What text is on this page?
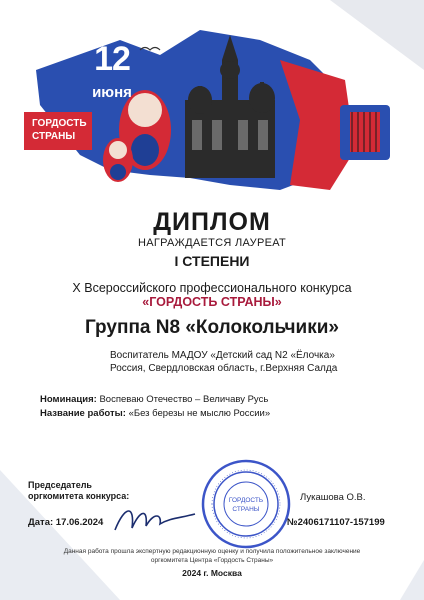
12
июня
ГОРДОСТЬ
СТРАНЫ
ДИПЛОМ
НАГРАЖДАЕТСЯ ЛАУРЕАТ
I СТЕПЕНИ
X Всероссийского профессионального конкурса
«ГОРДОСТЬ СТРАНЫ»
Группа N8 «Колокольчики»
Воспитатель МАДОУ «Детский сад N2 «Ёлочка»
Россия, Свердловская область, г.Верхняя Салда
Номинация: Воспеваю Отечество – Величаву Русь
Название работы: «Без березы не мыслю России»
Председатель
оргкомитета конкурса:	ГОРДОСТЬ
СТРАНЫ
Лукашова О.В.
Дата: 17.06.2024	№2406171107-157199
Данная работа прошла экспертную редакционную оценку и получила положительное заключение оргкомитета Центра «Гордость Страны»
2024 г. Москва
